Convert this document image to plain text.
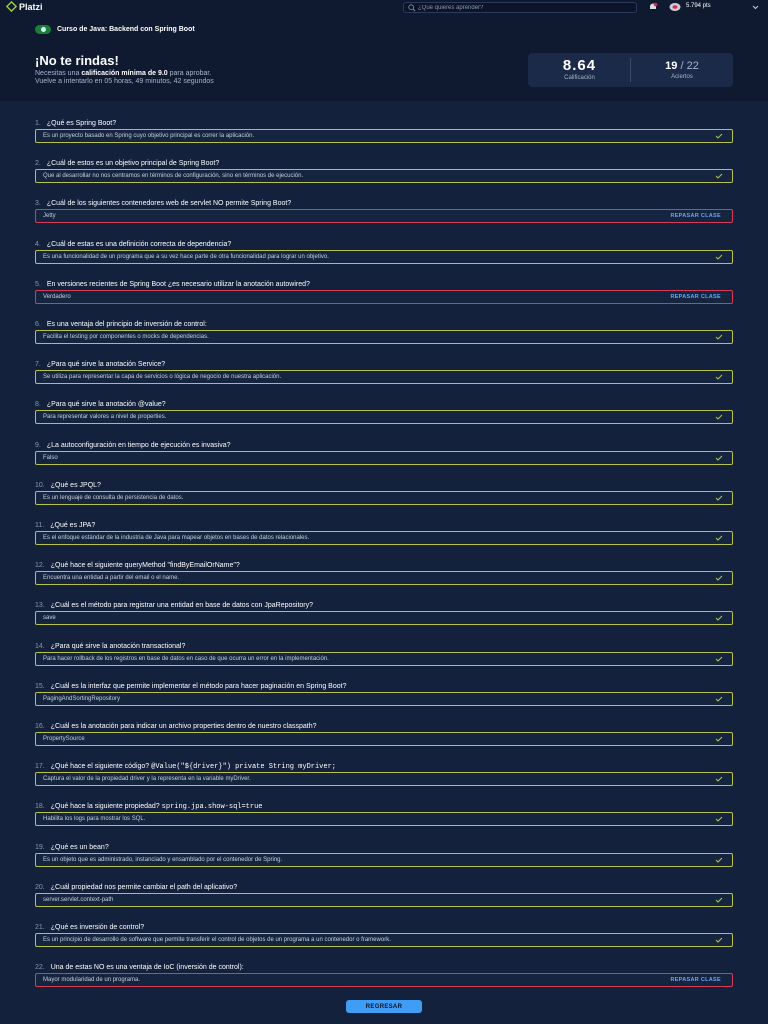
Platzi
¿Qué quieres aprender?	5.794 pts
Curso de Java: Backend con Spring Boot
¡No te rindas!
Necesitas una calificación mínima de 9.0 para aprobar.
Vuelve a intentarlo en 05 horas, 49 minutos, 42 segundos
8.64
Calificación
19 / 22
Aciertos
1. ¿Qué es Spring Boot?
Es un proyecto basado en Spring cuyo objetivo principal es correr la aplicación.
2. ¿Cuál de estos es un objetivo principal de Spring Boot?
Que al desarrollar no nos centramos en términos de configuración, sino en términos de ejecución.
3. ¿Cuál de los siguientes contenedores web de servlet NO permite Spring Boot?
Jetty	REPASAR CLASE
4. ¿Cuál de estas es una definición correcta de dependencia?
Es una funcionalidad de un programa que a su vez hace parte de otra funcionalidad para lograr un objetivo.
5. En versiones recientes de Spring Boot ¿es necesario utilizar la anotación autowired?
Verdadero	REPASAR CLASE
6. Es una ventaja del principio de inversión de control:
Facilita el testing por componentes o mocks de dependencias.
7. ¿Para qué sirve la anotación Service?
Se utiliza para representar la capa de servicios o lógica de negocio de nuestra aplicación.
8. ¿Para qué sirve la anotación @value?
Para representar valores a nivel de properties.
9. ¿La autoconfiguración en tiempo de ejecución es invasiva?
Falso
10. ¿Qué es JPQL?
Es un lenguaje de consulta de persistencia de datos.
11. ¿Qué es JPA?
Es el enfoque estándar de la industria de Java para mapear objetos en bases de datos relacionales.
12. ¿Qué hace el siguiente queryMethod "findByEmailOrName"?
Encuentra una entidad a partir del email o el name.
13. ¿Cuál es el método para registrar una entidad en base de datos con JpaRepository?
save
14. ¿Para qué sirve la anotación transactional?
Para hacer rollback de los registros en base de datos en caso de que ocurra un error en la implementación.
15. ¿Cuál es la interfaz que permite implementar el método para hacer paginación en Spring Boot?
PagingAndSortingRepository
16. ¿Cuál es la anotación para indicar un archivo properties dentro de nuestro classpath?
PropertySource
17. ¿Qué hace el siguiente código? @Value("${driver}") private String myDriver;
Captura el valor de la propiedad driver y la representa en la variable myDriver.
18. ¿Qué hace la siguiente propiedad? spring.jpa.show-sql=true
Habilita los logs para mostrar los SQL.
19. ¿Qué es un bean?
Es un objeto que es administrado, instanciado y ensamblado por el contenedor de Spring.
20. ¿Cuál propiedad nos permite cambiar el path del aplicativo?
server.servlet.context-path
21. ¿Qué es inversión de control?
Es un principio de desarrollo de software que permite transferir el control de objetos de un programa a un contenedor o framework.
22. Una de estas NO es una ventaja de IoC (inversión de control):
Mayor modularidad de un programa.	REPASAR CLASE
REGRESAR
